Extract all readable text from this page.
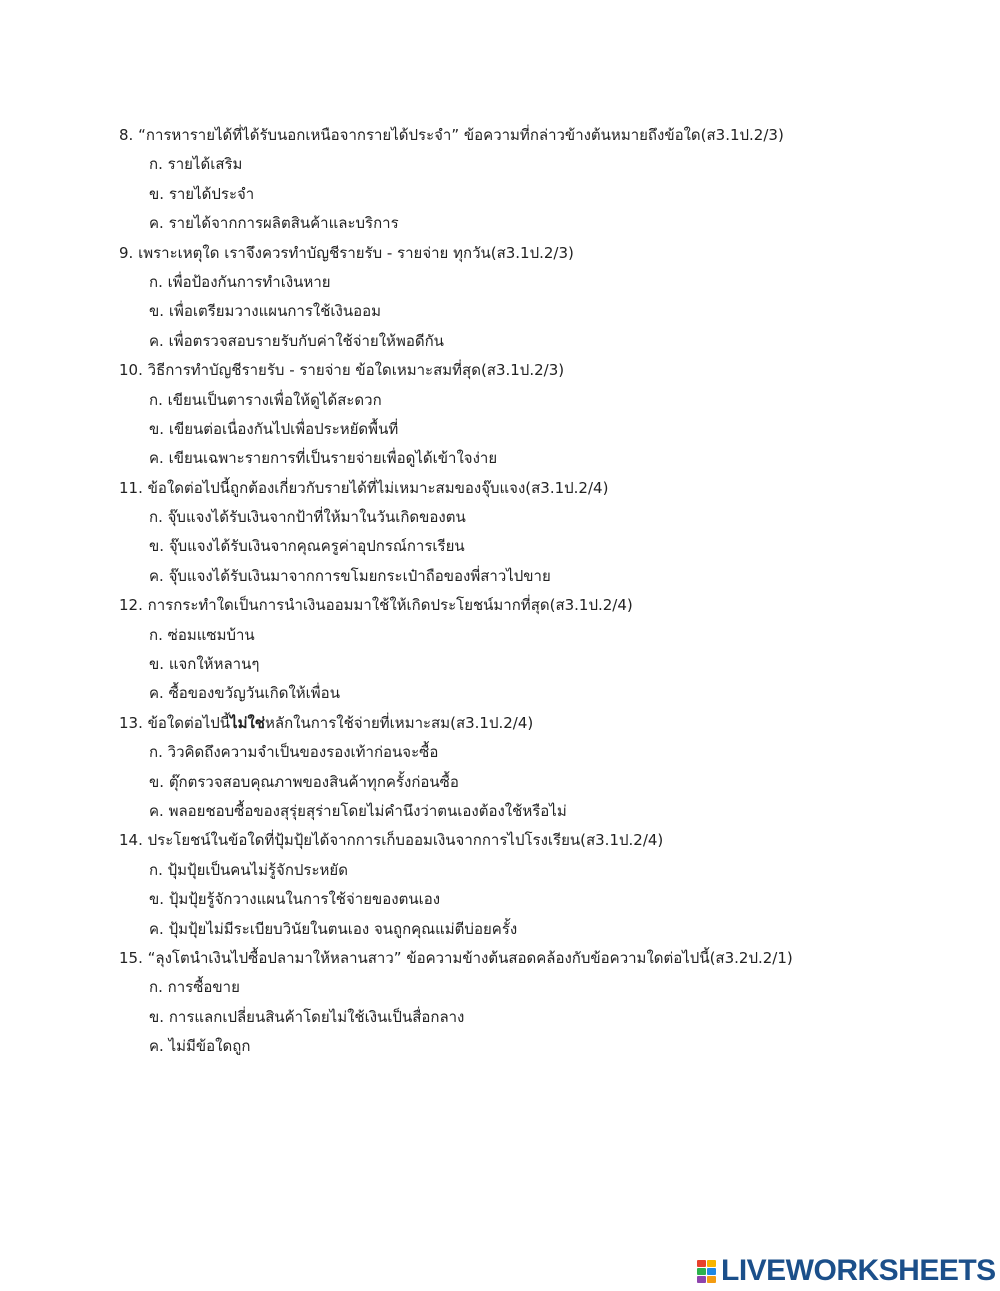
8. “การหารายได้ที่ได้รับนอกเหนือจากรายได้ประจำ” ข้อความที่กล่าวข้างต้นหมายถึงข้อใด(ส3.1ป.2/3)
ก. รายได้เสริม
ข. รายได้ประจำ
ค. รายได้จากการผลิตสินค้าและบริการ
9. เพราะเหตุใด เราจึงควรทำบัญชีรายรับ - รายจ่าย ทุกวัน(ส3.1ป.2/3)
ก. เพื่อป้องกันการทำเงินหาย
ข. เพื่อเตรียมวางแผนการใช้เงินออม
ค. เพื่อตรวจสอบรายรับกับค่าใช้จ่ายให้พอดีกัน
10. วิธีการทำบัญชีรายรับ - รายจ่าย ข้อใดเหมาะสมที่สุด(ส3.1ป.2/3)
ก. เขียนเป็นตารางเพื่อให้ดูได้สะดวก
ข. เขียนต่อเนื่องกันไปเพื่อประหยัดพื้นที่
ค. เขียนเฉพาะรายการที่เป็นรายจ่ายเพื่อดูได้เข้าใจง่าย
11. ข้อใดต่อไปนี้ถูกต้องเกี่ยวกับรายได้ที่ไม่เหมาะสมของจุ๊บแจง(ส3.1ป.2/4)
ก. จุ๊บแจงได้รับเงินจากป้าที่ให้มาในวันเกิดของตน
ข. จุ๊บแจงได้รับเงินจากคุณครูค่าอุปกรณ์การเรียน
ค. จุ๊บแจงได้รับเงินมาจากการขโมยกระเป๋าถือของพี่สาวไปขาย
12. การกระทำใดเป็นการนำเงินออมมาใช้ให้เกิดประโยชน์มากที่สุด(ส3.1ป.2/4)
ก. ซ่อมแซมบ้าน
ข. แจกให้หลานๆ
ค. ซื้อของขวัญวันเกิดให้เพื่อน
13. ข้อใดต่อไปนี้ไม่ใช่หลักในการใช้จ่ายที่เหมาะสม(ส3.1ป.2/4)
ก. วิวคิดถึงความจำเป็นของรองเท้าก่อนจะซื้อ
ข. ตุ๊กตรวจสอบคุณภาพของสินค้าทุกครั้งก่อนซื้อ
ค. พลอยชอบซื้อของสุรุ่ยสุร่ายโดยไม่คำนึงว่าตนเองต้องใช้หรือไม่
14. ประโยชน์ในข้อใดที่ปุ้มปุ้ยได้จากการเก็บออมเงินจากการไปโรงเรียน(ส3.1ป.2/4)
ก. ปุ้มปุ้ยเป็นคนไม่รู้จักประหยัด
ข. ปุ้มปุ้ยรู้จักวางแผนในการใช้จ่ายของตนเอง
ค. ปุ้มปุ้ยไม่มีระเบียบวินัยในตนเอง จนถูกคุณแม่ตีบ่อยครั้ง
15. “ลุงโตนำเงินไปซื้อปลามาให้หลานสาว” ข้อความข้างต้นสอดคล้องกับข้อความใดต่อไปนี้(ส3.2ป.2/1)
ก. การซื้อขาย
ข. การแลกเปลี่ยนสินค้าโดยไม่ใช้เงินเป็นสื่อกลาง
ค. ไม่มีข้อใดถูก
LIVEWORKSHEETS
